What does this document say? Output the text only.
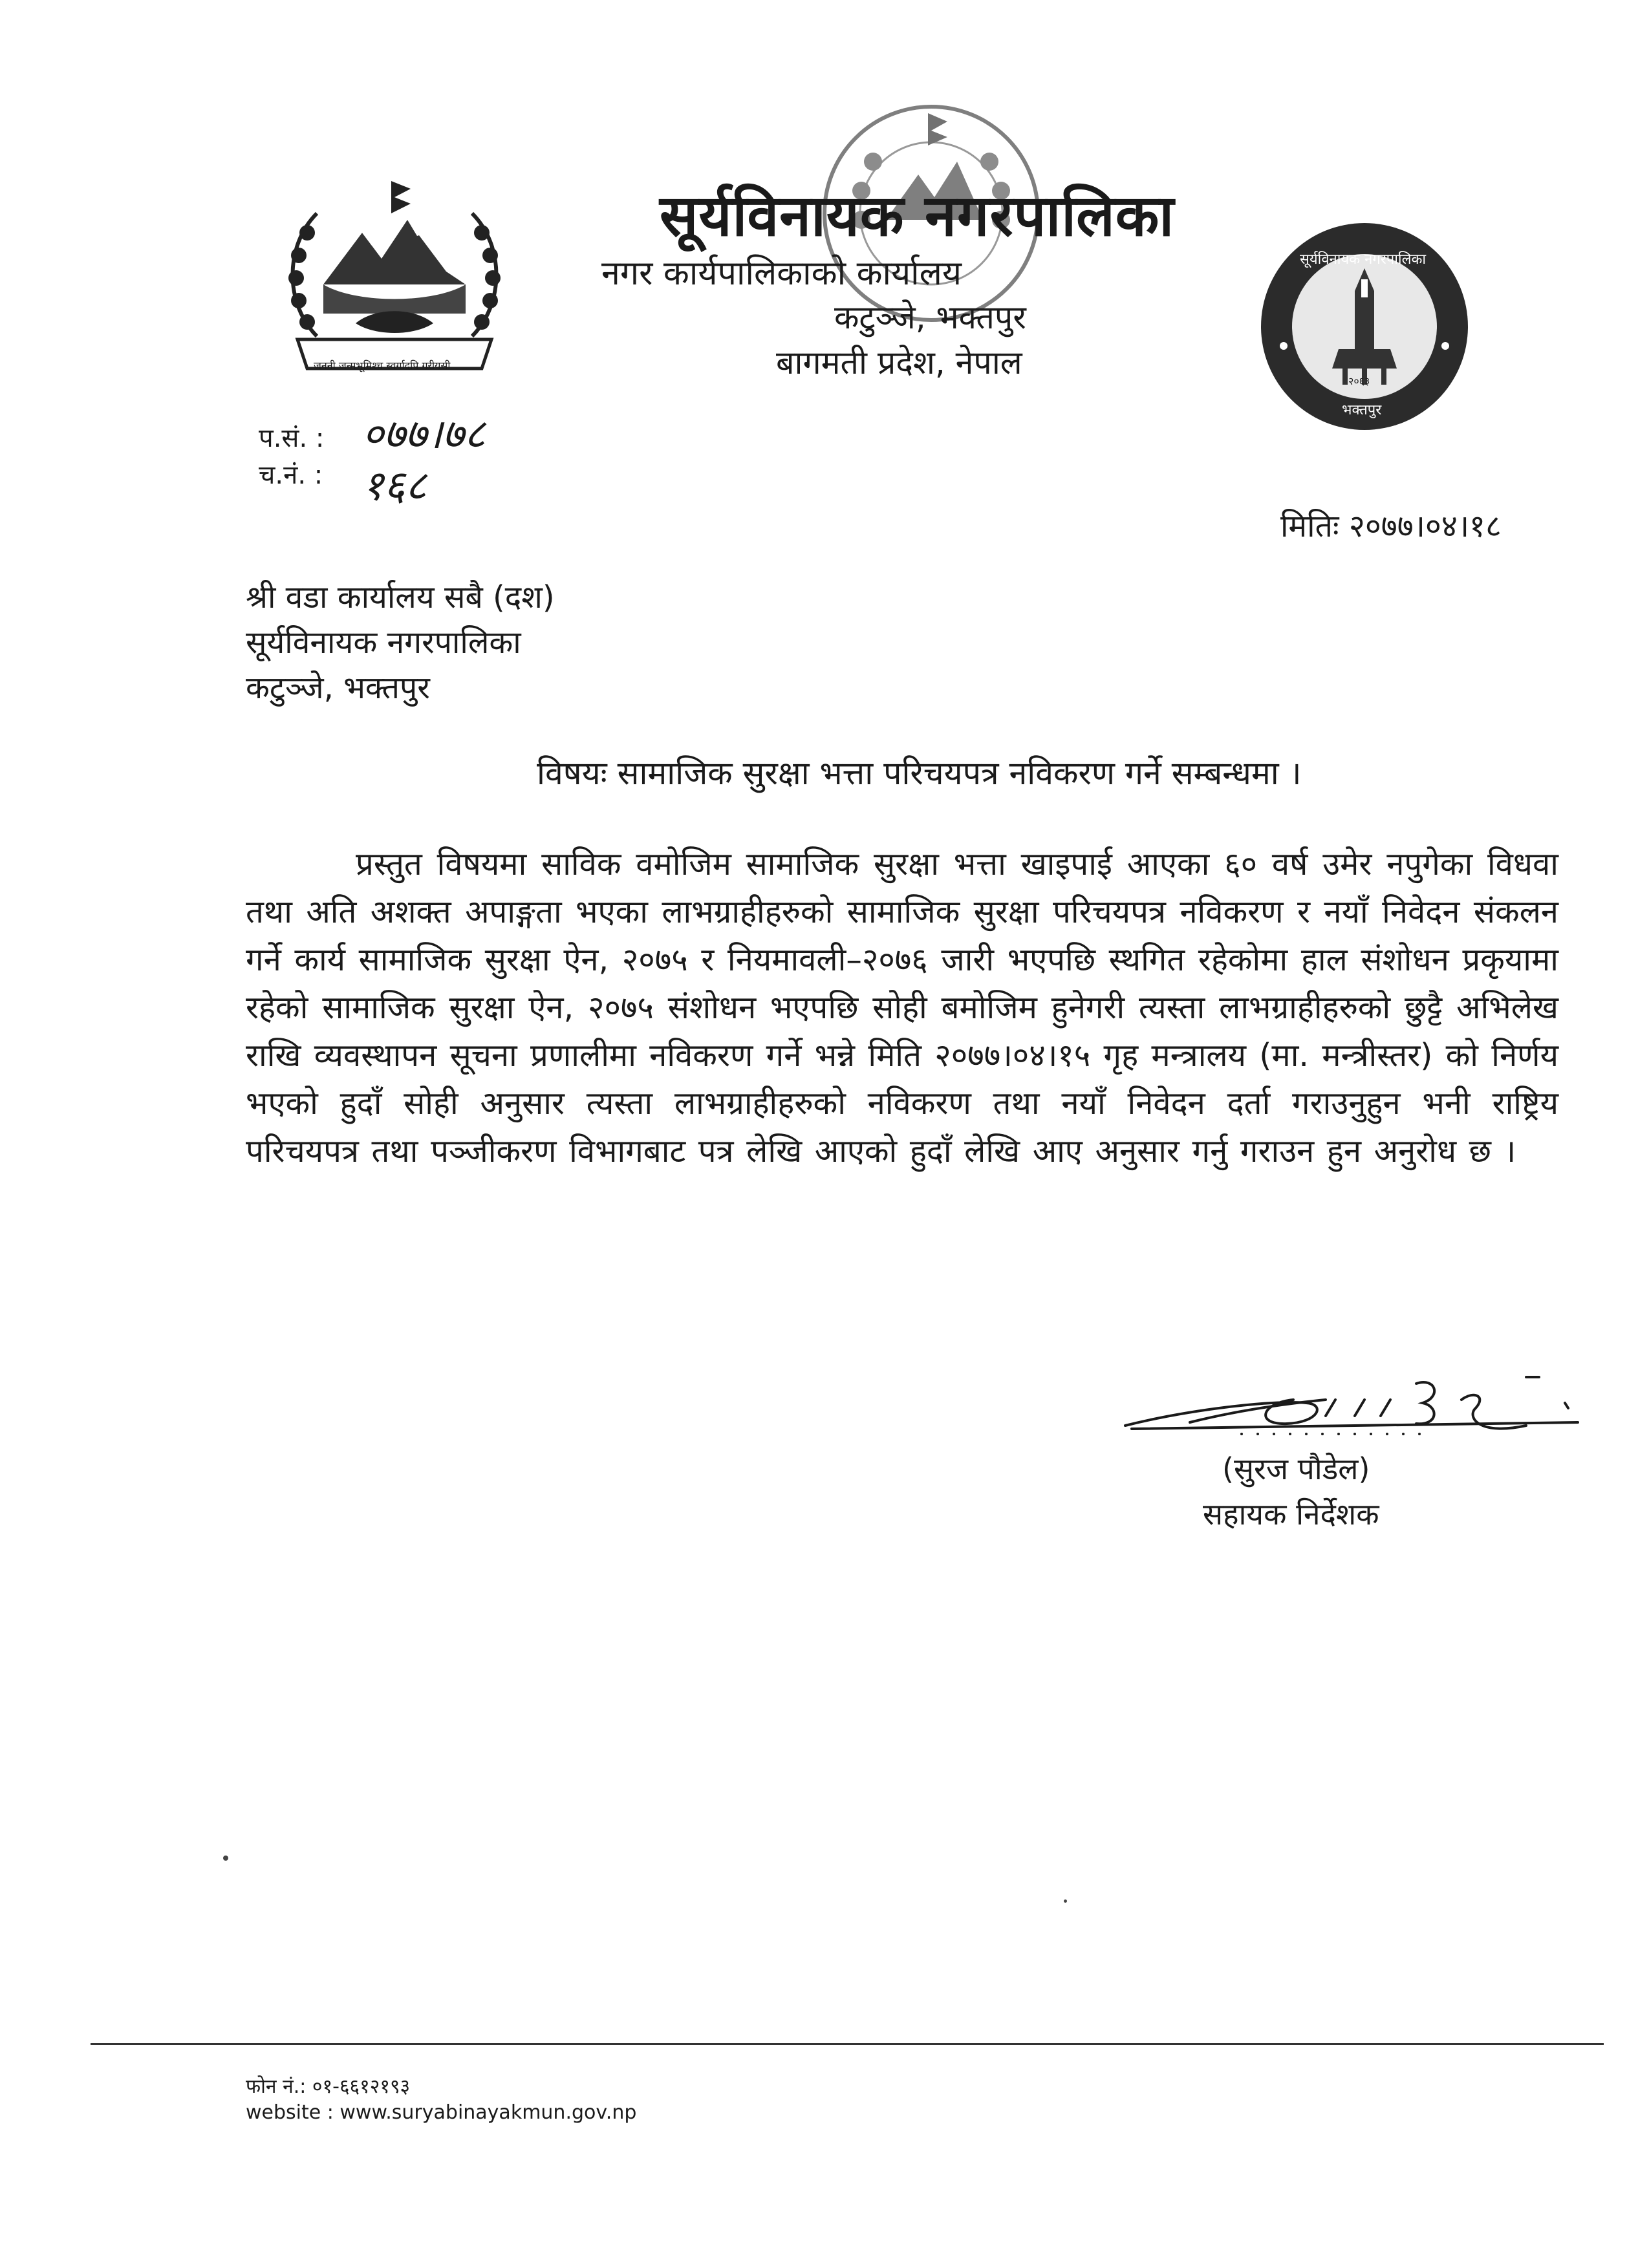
जननी जन्मभूमिश्च स्वर्गादपि गरीयसी
सूर्यविनायक नगरपालिका
नगर कार्यपालिकाको कार्यालय
कटुञ्जे, भक्तपुर
बागमती प्रदेश, नेपाल
सूर्यविनायक नगरपालिका
२०६३
भक्तपुर
प.सं. : ०७७।७८
च.नं. : १६८
मितिः २०७७।०४।१८
श्री वडा कार्यालय सबै (दश)
सूर्यविनायक नगरपालिका
कटुञ्जे, भक्तपुर
विषयः सामाजिक सुरक्षा भत्ता परिचयपत्र नविकरण गर्ने सम्बन्धमा ।
प्रस्तुत विषयमा साविक वमोजिम सामाजिक सुरक्षा भत्ता खाइपाई आएका ६० वर्ष उमेर नपुगेका विधवा तथा अति अशक्त अपाङ्गता भएका लाभग्राहीहरुको सामाजिक सुरक्षा परिचयपत्र नविकरण र नयाँ निवेदन संकलन गर्ने कार्य सामाजिक सुरक्षा ऐन, २०७५ र नियमावली–२०७६ जारी भएपछि स्थगित रहेकोमा हाल संशोधन प्रकृयामा रहेको सामाजिक सुरक्षा ऐन, २०७५ संशोधन भएपछि सोही बमोजिम हुनेगरी त्यस्ता लाभग्राहीहरुको छुट्टै अभिलेख राखि व्यवस्थापन सूचना प्रणालीमा नविकरण गर्ने भन्ने मिति २०७७।०४।१५ गृह मन्त्रालय (मा. मन्त्रीस्तर) को निर्णय भएको हुदाँ सोही अनुसार त्यस्ता लाभग्राहीहरुको नविकरण तथा नयाँ निवेदन दर्ता गराउनुहुन भनी राष्ट्रिय परिचयपत्र तथा पञ्जीकरण विभागबाट पत्र लेखि आएको हुदाँ लेखि आए अनुसार गर्नु गराउन हुन अनुरोध छ ।
(सुरज पौडेल)
सहायक निर्देशक
फोन नं.: ०१-६६१२१९३
website : www.suryabinayakmun.gov.np
